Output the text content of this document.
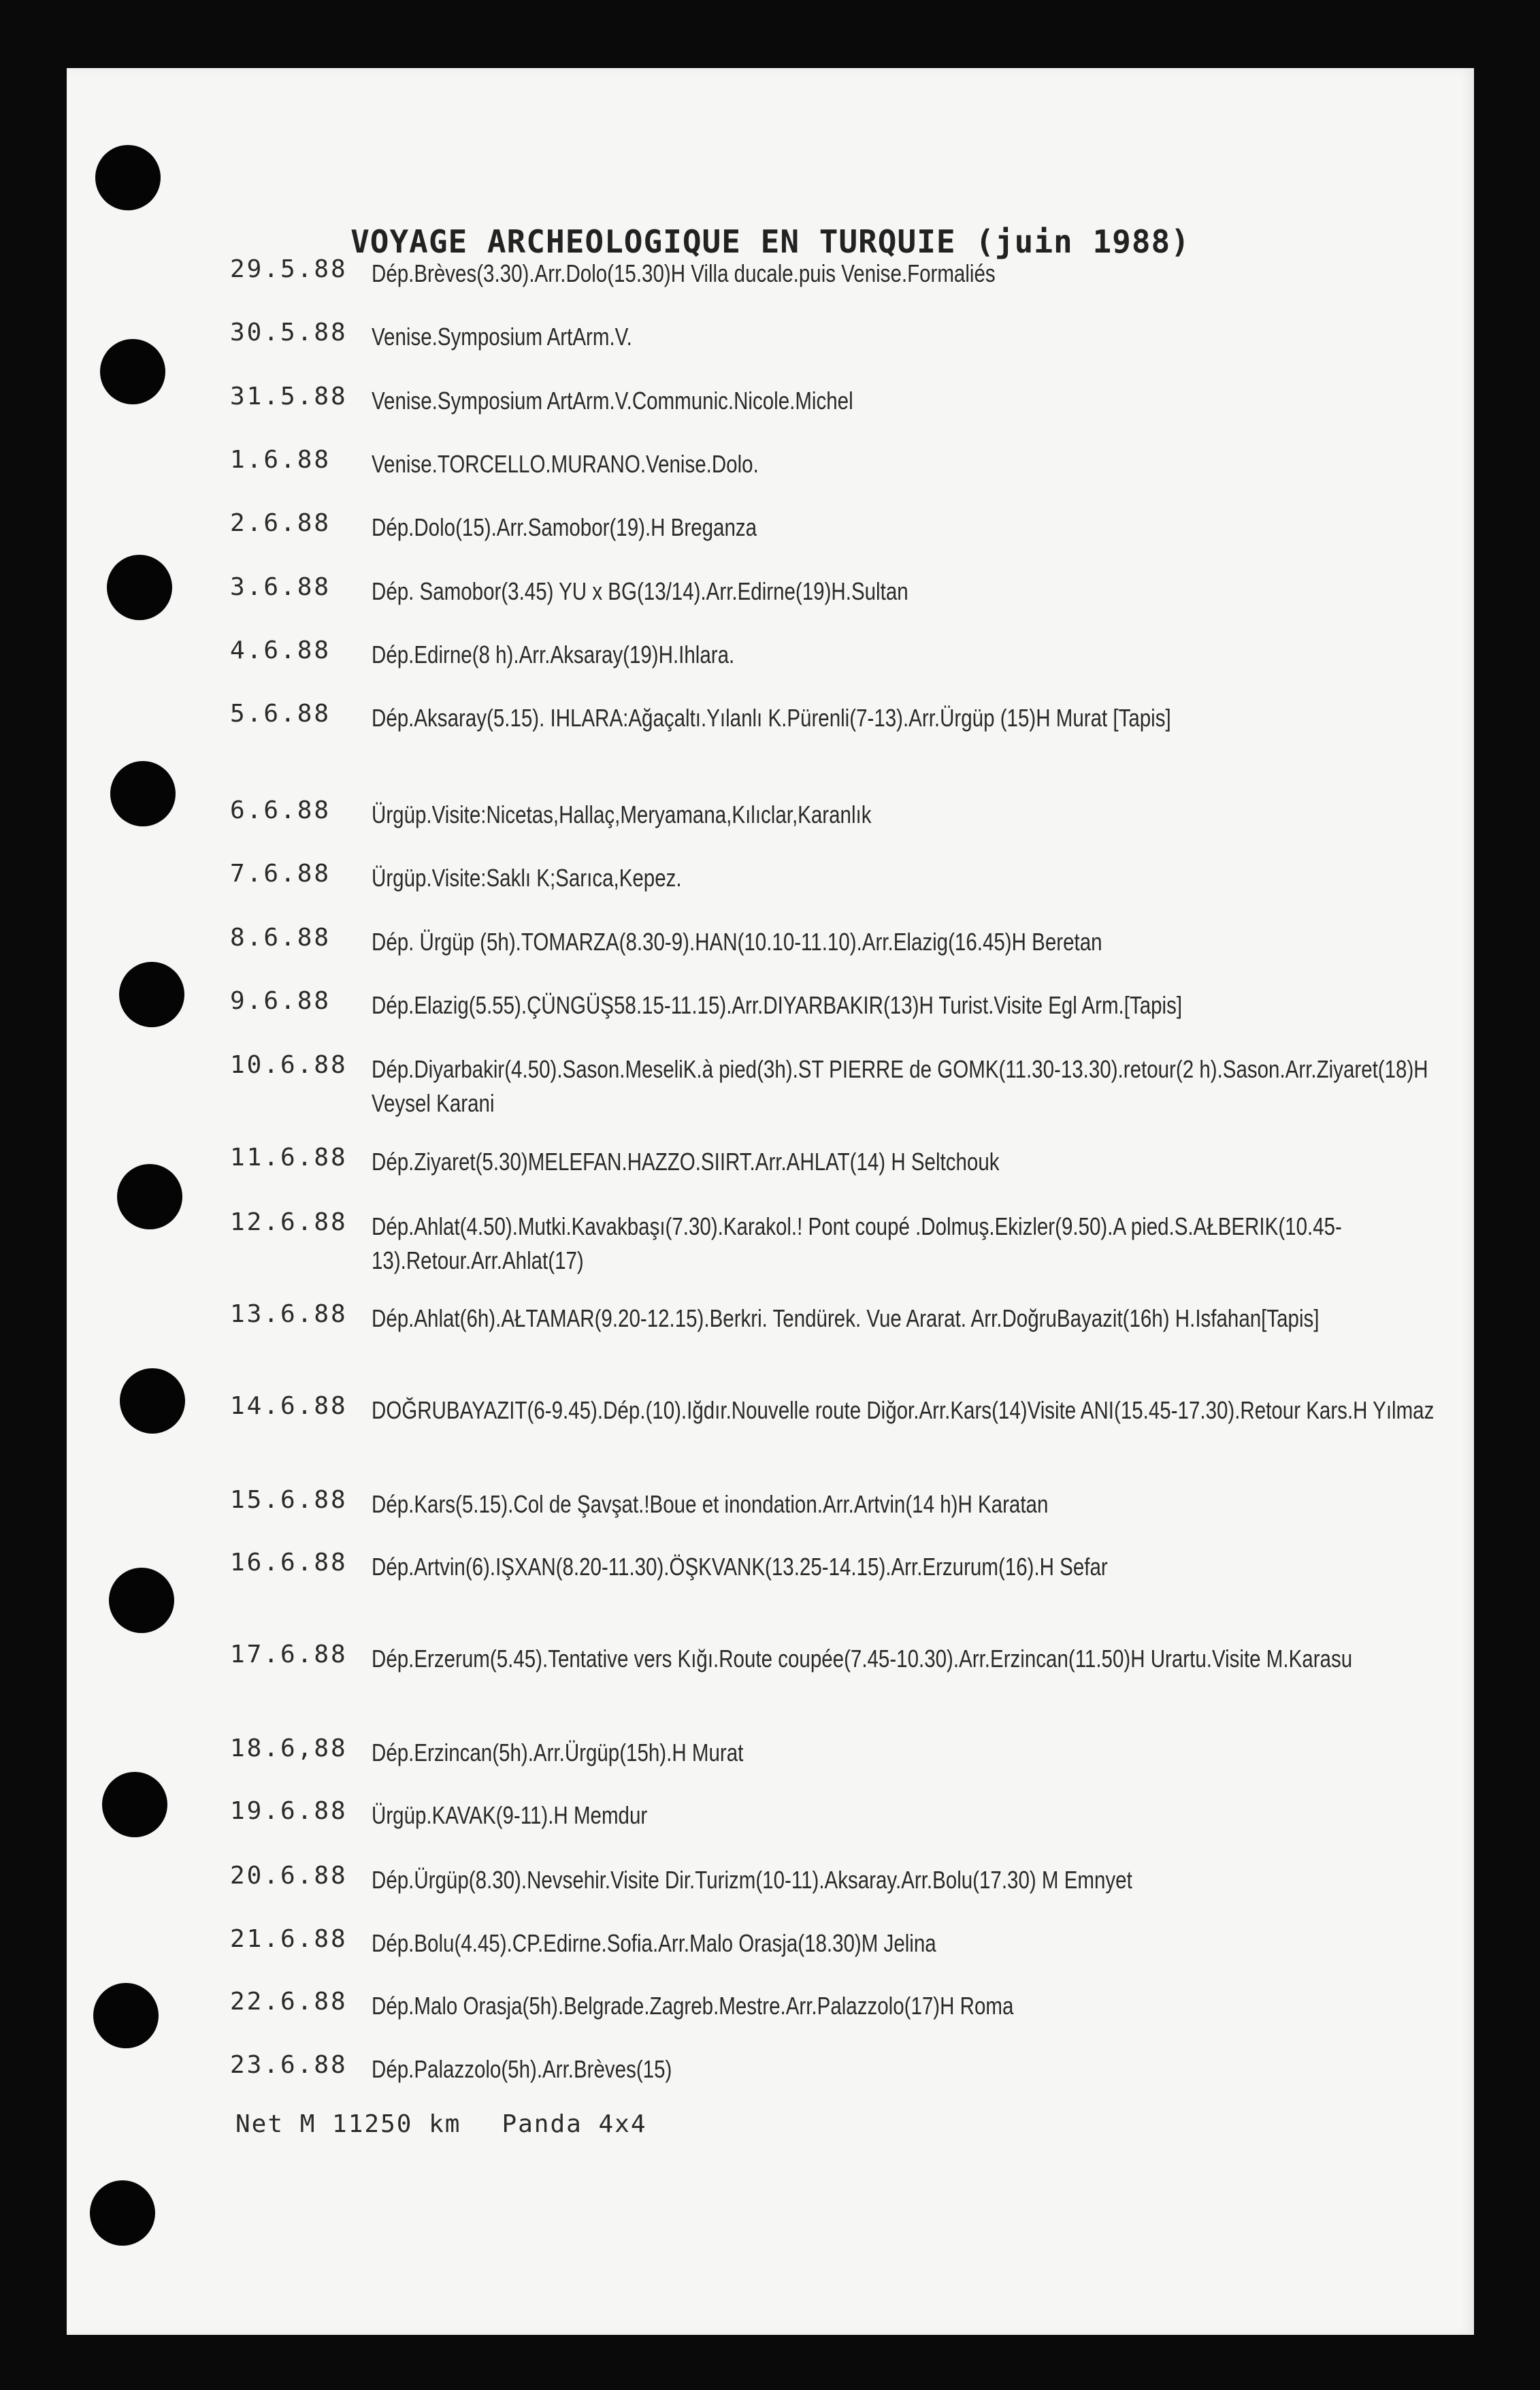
VOYAGE ARCHEOLOGIQUE EN TURQUIE (juin 1988)
29.5.88 Dép.Brèves(3.30).Arr.Dolo(15.30)H Villa ducale.puis Venise.Formaliés
30.5.88 Venise.Symposium ArtArm.V.
31.5.88 Venise.Symposium ArtArm.V.Communic.Nicole.Michel
1.6.88 Venise.TORCELLO.MURANO.Venise.Dolo.
2.6.88 Dép.Dolo(15).Arr.Samobor(19).H Breganza
3.6.88 Dép. Samobor(3.45) YU x BG(13/14).Arr.Edirne(19)H.Sultan
4.6.88 Dép.Edirne(8 h).Arr.Aksaray(19)H.Ihlara.
5.6.88 Dép.Aksaray(5.15). IHLARA:Ağaçaltı.Yılanlı K.Pürenli(7-13).Arr.Ürgüp (15)H Murat [Tapis]
6.6.88 Ürgüp.Visite:Nicetas,Hallaç,Meryamana,Kılıclar,Karanlık
7.6.88 Ürgüp.Visite:Saklı K;Sarıca,Kepez.
8.6.88 Dép. Ürgüp (5h).TOMARZA(8.30-9).HAN(10.10-11.10).Arr.Elazig(16.45)H Beretan
9.6.88 Dép.Elazig(5.55).ÇÜNGÜŞ58.15-11.15).Arr.DIYARBAKIR(13)H Turist.Visite Egl Arm.[Tapis]
10.6.88 Dép.Diyarbakir(4.50).Sason.MeseliK.à pied(3h).ST PIERRE de GOMK(11.30-13.30).retour(2 h).Sason.Arr.Ziyaret(18)H Veysel Karani
11.6.88 Dép.Ziyaret(5.30)MELEFAN.HAZZO.SIIRT.Arr.AHLAT(14) H Seltchouk
12.6.88 Dép.Ahlat(4.50).Mutki.Kavakbaşı(7.30).Karakol.! Pont coupé .Dolmuş.Ekizler(9.50).A pied.S.AŁBERIK(10.45-13).Retour.Arr.Ahlat(17)
13.6.88 Dép.Ahlat(6h).AŁTAMAR(9.20-12.15).Berkri. Tendürek. Vue Ararat. Arr.DoğruBayazit(16h) H.Isfahan[Tapis]
14.6.88 DOĞRUBAYAZIT(6-9.45).Dép.(10).Iğdır.Nouvelle route Diğor.Arr.Kars(14)Visite ANI(15.45-17.30).Retour Kars.H Yılmaz
15.6.88 Dép.Kars(5.15).Col de Şavşat.!Boue et inondation.Arr.Artvin(14 h)H Karatan
16.6.88 Dép.Artvin(6).IŞXAN(8.20-11.30).ÖŞKVANK(13.25-14.15).Arr.Erzurum(16).H Sefar
17.6.88 Dép.Erzerum(5.45).Tentative vers Kığı.Route coupée(7.45-10.30).Arr.Erzincan(11.50)H Urartu.Visite M.Karasu
18.6,88 Dép.Erzincan(5h).Arr.Ürgüp(15h).H Murat
19.6.88 Ürgüp.KAVAK(9-11).H Memdur
20.6.88 Dép.Ürgüp(8.30).Nevsehir.Visite Dir.Turizm(10-11).Aksaray.Arr.Bolu(17.30) M Emnyet
21.6.88 Dép.Bolu(4.45).CP.Edirne.Sofia.Arr.Malo Orasja(18.30)M Jelina
22.6.88 Dép.Malo Orasja(5h).Belgrade.Zagreb.Mestre.Arr.Palazzolo(17)H Roma
23.6.88 Dép.Palazzolo(5h).Arr.Brèves(15)
Net M 11250 km Panda 4x4
